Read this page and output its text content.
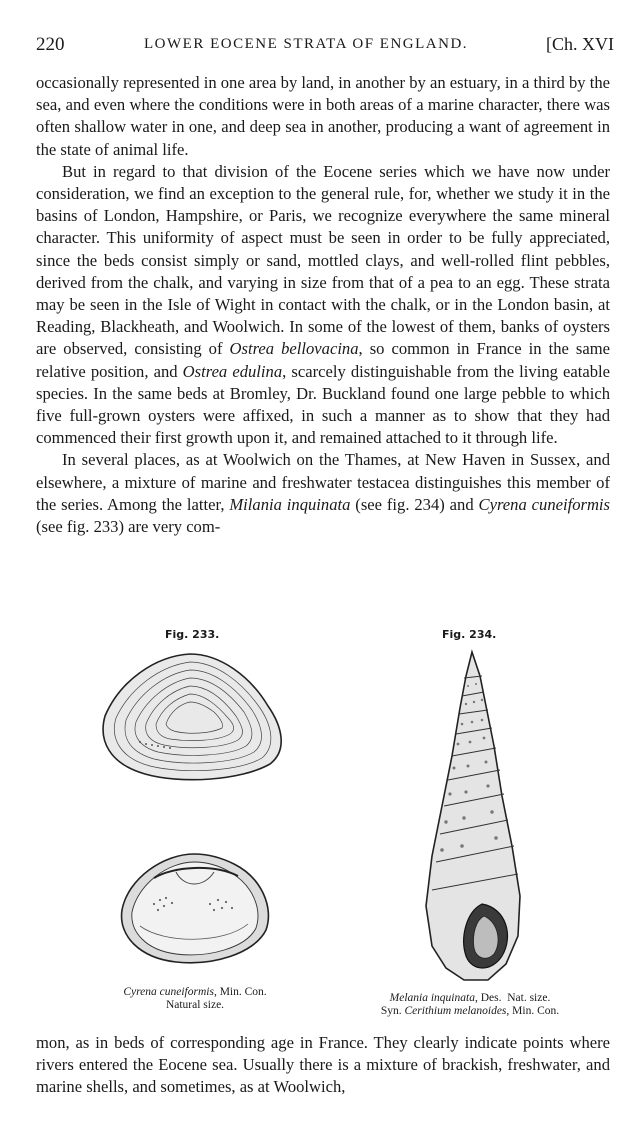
220	LOWER EOCENE STRATA OF ENGLAND.	[Ch. XVI

occasionally represented in one area by land, in another by an estuary, in a third by the sea, and even where the conditions were in both areas of a marine character, there was often shallow water in one, and deep sea in another, producing a want of agreement in the state of animal life.

But in regard to that division of the Eocene series which we have now under consideration, we find an exception to the general rule, for, whether we study it in the basins of London, Hampshire, or Paris, we recognize everywhere the same mineral character. This uniformity of aspect must be seen in order to be fully appreciated, since the beds consist simply or sand, mottled clays, and well-rolled flint pebbles, derived from the chalk, and varying in size from that of a pea to an egg. These strata may be seen in the Isle of Wight in contact with the chalk, or in the London basin, at Reading, Blackheath, and Woolwich. In some of the lowest of them, banks of oysters are observed, consisting of Ostrea bellovacina, so common in France in the same relative position, and Ostrea edulina, scarcely distinguishable from the living eatable species. In the same beds at Bromley, Dr. Buckland found one large pebble to which five full-grown oysters were affixed, in such a manner as to show that they had commenced their first growth upon it, and remained attached to it through life.

In several places, as at Woolwich on the Thames, at New Haven in Sussex, and elsewhere, a mixture of marine and freshwater testacea distinguishes this member of the series. Among the latter, Milania inquinata (see fig. 234) and Cyrena cuneiformis (see fig. 233) are very com-

Fig. 233.
Cyrena cuneiformis, Min. Con.
Natural size.
Fig. 234.
Melania inquinata, Des. Nat. size.
Syn. Cerithium melanoides, Min. Con.

mon, as in beds of corresponding age in France. They clearly indicate points where rivers entered the Eocene sea. Usually there is a mixture of brackish, freshwater, and marine shells, and sometimes, as at Woolwich,
